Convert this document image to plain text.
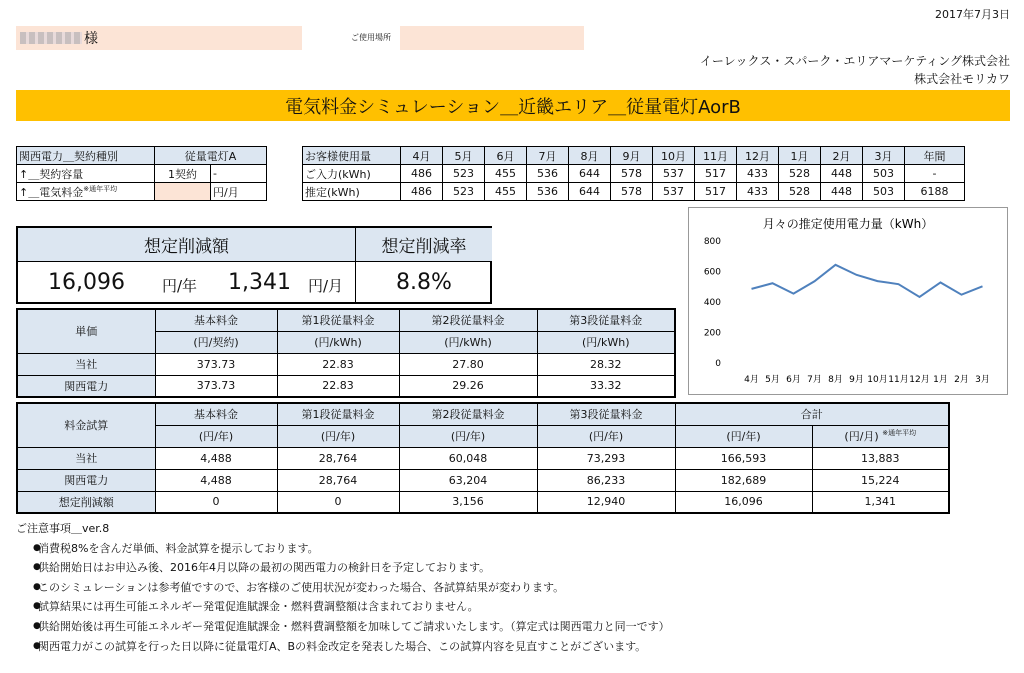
2017年7月3日
様	ご使用場所
イーレックス・スパーク・エリアマーケティング株式会社
株式会社モリカワ
電気料金シミュレーション＿近畿エリア＿従量電灯AorB
関西電力＿契約種別	従量電灯A	
↑＿契約容量	1契約	-
↑＿電気料金$^{※通年平均}$		円/月
お客様使用量	4月	5月	6月	7月	8月	9月	10月	11月	12月	1月	2月	3月	年間
ご入力(kWh)	486	523	455	536	644	578	537	517	433	528	448	503	-
推定(kWh)	486	523	455	536	644	578	537	517	433	528	448	503	6188
想定削減額	想定削減率
16,096 円/年 1,341 円/月	8.8%
単価	基本料金	第1段従量料金	第2段従量料金	第3段従量料金
	(円/契約)	(円/kWh)	(円/kWh)	(円/kWh)
当社	373.73	22.83	27.80	28.32
関西電力	373.73	22.83	29.26	33.32
料金試算	基本料金	第1段従量料金	第2段従量料金	第3段従量料金	合計	
	(円/年)	(円/年)	(円/年)	(円/年)	(円/年)	(円/月) $^{※通年平均}$
当社	4,488	28,764	60,048	73,293	166,593	13,883
関西電力	4,488	28,764	63,204	86,233	182,689	15,224
想定削減額	0	0	3,156	12,940	16,096	1,341
月々の推定使用電力量（kWh）
0
200
400
600
800
4月 5月 6月 7月 8月 9月 10月 11月 12月 1月 2月 3月
ご注意事項＿ver.8
● 消費税8%を含んだ単価、料金試算を提示しております。
● 供給開始日はお申込み後、2016年4月以降の最初の関西電力の検針日を予定しております。
● このシミュレーションは参考値ですので、お客様のご使用状況が変わった場合、各試算結果が変わります。
● 試算結果には再生可能エネルギー発電促進賦課金・燃料費調整額は含まれておりません。
● 供給開始後は再生可能エネルギー発電促進賦課金・燃料費調整額を加味してご請求いたします。（算定式は関西電力と同一です）
● 関西電力がこの試算を行った日以降に従量電灯A、Bの料金改定を発表した場合、この試算内容を見直すことがございます。
